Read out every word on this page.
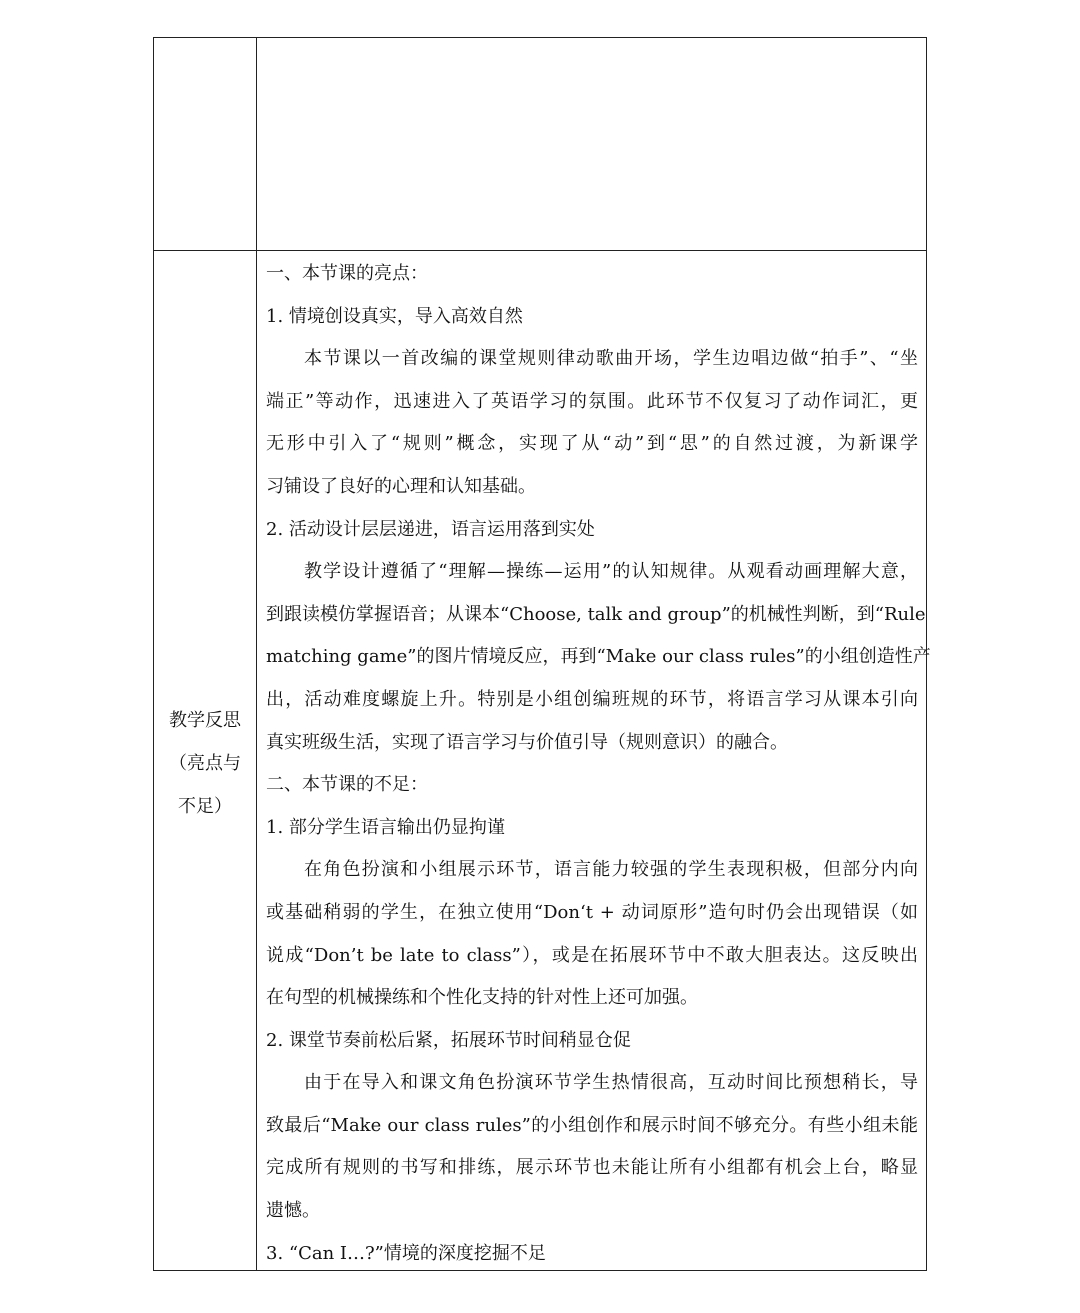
教学反思
（亮点与
不足）

一、本节课的亮点：

1. 情境创设真实，导入高效自然

本节课以一首改编的课堂规则律动歌曲开场，学生边唱边做“拍手”、“坐

端正”等动作，迅速进入了英语学习的氛围。此环节不仅复习了动作词汇，更

无形中引入了“规则”概念，实现了从“动”到“思”的自然过渡，为新课学

习铺设了良好的心理和认知基础。

2. 活动设计层层递进，语言运用落到实处

教学设计遵循了“理解—操练—运用”的认知规律。从观看动画理解大意，

到跟读模仿掌握语音；从课本“Choose, talk and group”的机械性判断，到“Rule

matching game”的图片情境反应，再到“Make our class rules”的小组创造性产

出，活动难度螺旋上升。特别是小组创编班规的环节，将语言学习从课本引向

真实班级生活，实现了语言学习与价值引导（规则意识）的融合。

二、本节课的不足：

1. 部分学生语言输出仍显拘谨

在角色扮演和小组展示环节，语言能力较强的学生表现积极，但部分内向

或基础稍弱的学生，在独立使用“Don‘t + 动词原形”造句时仍会出现错误（如

说成“Don’t be late to class”），或是在拓展环节中不敢大胆表达。这反映出

在句型的机械操练和个性化支持的针对性上还可加强。

2. 课堂节奏前松后紧，拓展环节时间稍显仓促

由于在导入和课文角色扮演环节学生热情很高，互动时间比预想稍长，导

致最后“Make our class rules”的小组创作和展示时间不够充分。有些小组未能

完成所有规则的书写和排练，展示环节也未能让所有小组都有机会上台，略显

遗憾。

3. “Can I…?”情境的深度挖掘不足
